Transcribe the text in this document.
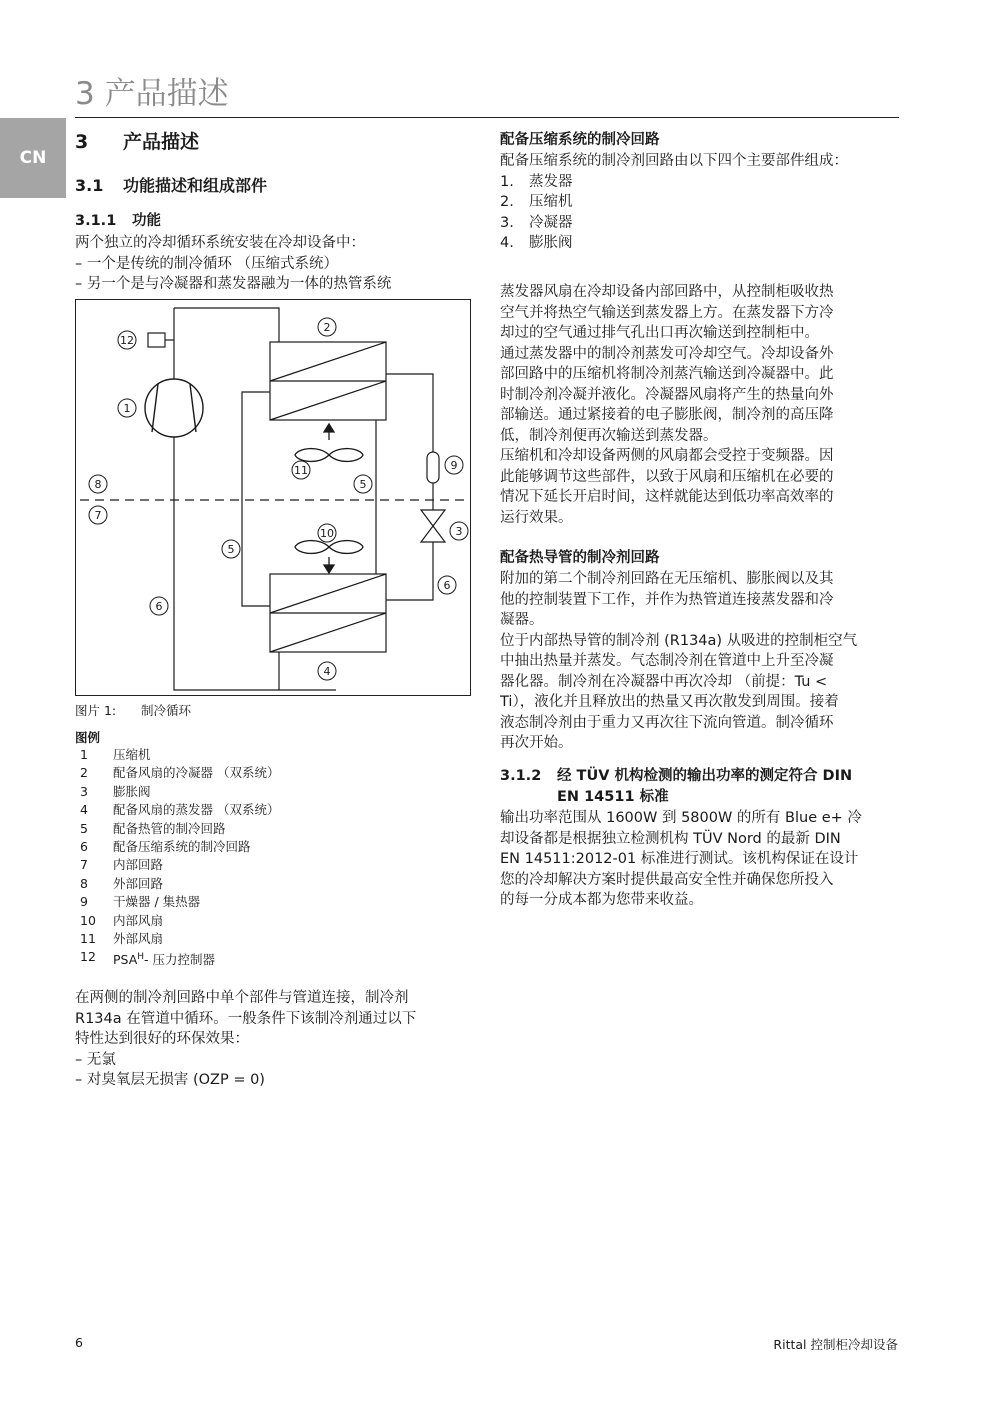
3 产品描述
CN
3 产品描述
3.1 功能描述和组成部件
3.1.1 功能
两个独立的冷却循环系统安装在冷却设备中：
– 一个是传统的制冷循环 （压缩式系统）
– 另一个是与冷凝器和蒸发器融为一体的热管系统
12
2
1
9
11
5
8
7
3
10
5
6
6
4
图片 1: 制冷循环
图例
1	压缩机
2	配备风扇的冷凝器 （双系统）
3	膨胀阀
4	配备风扇的蒸发器 （双系统）
5	配备热管的制冷回路
6	配备压缩系统的制冷回路
7	内部回路
8	外部回路
9	干燥器 / 集热器
10	内部风扇
11	外部风扇
12	$PSA^H-$ 压力控制器
在两侧的制冷剂回路中单个部件与管道连接，制冷剂
R134a 在管道中循环。一般条件下该制冷剂通过以下
特性达到很好的环保效果：
– 无氯
– 对臭氧层无损害 (OZP = 0)
配备压缩系统的制冷回路
配备压缩系统的制冷剂回路由以下四个主要部件组成：
1.	蒸发器
2.	压缩机
3.	冷凝器
4.	膨胀阀
蒸发器风扇在冷却设备内部回路中，从控制柜吸收热
空气并将热空气输送到蒸发器上方。在蒸发器下方冷
却过的空气通过排气孔出口再次输送到控制柜中。
通过蒸发器中的制冷剂蒸发可冷却空气。冷却设备外
部回路中的压缩机将制冷剂蒸汽输送到冷凝器中。此
时制冷剂冷凝并液化。冷凝器风扇将产生的热量向外
部输送。通过紧接着的电子膨胀阀，制冷剂的高压降
低，制冷剂便再次输送到蒸发器。
压缩机和冷却设备两侧的风扇都会受控于变频器。因
此能够调节这些部件，以致于风扇和压缩机在必要的
情况下延长开启时间，这样就能达到低功率高效率的
运行效果。
配备热导管的制冷剂回路
附加的第二个制冷剂回路在无压缩机、膨胀阀以及其
他的控制装置下工作，并作为热管道连接蒸发器和冷
凝器。
位于内部热导管的制冷剂 (R134a) 从吸进的控制柜空气
中抽出热量并蒸发。气态制冷剂在管道中上升至冷凝
器化器。制冷剂在冷凝器中再次冷却 （前提：Tu <
Ti），液化并且释放出的热量又再次散发到周围。接着
液态制冷剂由于重力又再次往下流向管道。制冷循环
再次开始。
3.1.2 经 TÜV 机构检测的输出功率的测定符合 DIN
EN 14511 标准
输出功率范围从 1600W 到 5800W 的所有 Blue e+ 冷
却设备都是根据独立检测机构 TÜV Nord 的最新 DIN
EN 14511:2012-01 标准进行测试。该机构保证在设计
您的冷却解决方案时提供最高安全性并确保您所投入
的每一分成本都为您带来收益。
6	Rittal 控制柜冷却设备
